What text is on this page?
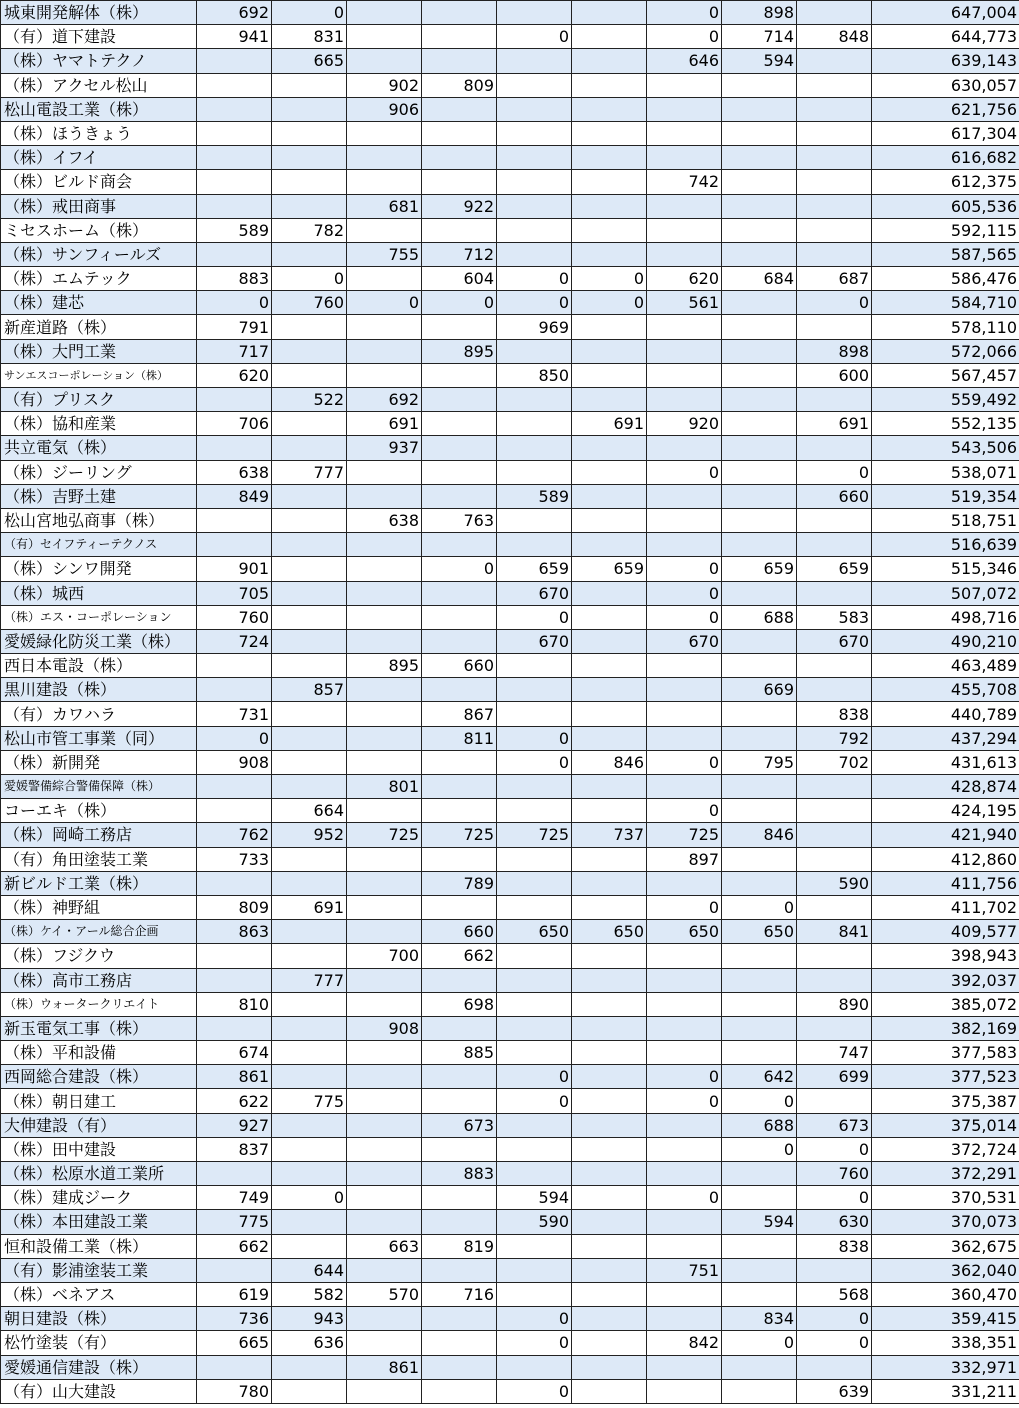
城東開発解体（株）	692	0					0	898		647,004
（有）道下建設	941	831			0		0	714	848	644,773
（株）ヤマトテクノ		665					646	594		639,143
（株）アクセル松山			902	809						630,057
松山電設工業（株）			906							621,756
（株）ほうきょう										617,304
（株）イフイ										616,682
（株）ビルド商会							742			612,375
（株）戒田商事			681	922						605,536
ミセスホーム（株）	589	782								592,115
（株）サンフィールズ			755	712						587,565
（株）エムテック	883	0		604	0	0	620	684	687	586,476
（株）建芯	0	760	0	0	0	0	561		0	584,710
新産道路（株）	791				969					578,110
（株）大門工業	717			895					898	572,066
サンエスコーポレーション（株）	620				850				600	567,457
（有）プリスク		522	692							559,492
（株）協和産業	706		691			691	920		691	552,135
共立電気（株）			937							543,506
（株）ジーリング	638	777					0		0	538,071
（株）吉野土建	849				589				660	519,354
松山宮地弘商事（株）			638	763						518,751
（有）セイフティーテクノス										516,639
（株）シンワ開発	901			0	659	659	0	659	659	515,346
（株）城西	705				670		0			507,072
（株）エス・コーポレーション	760				0		0	688	583	498,716
愛媛緑化防災工業（株）	724				670		670		670	490,210
西日本電設（株）			895	660						463,489
黒川建設（株）		857						669		455,708
（有）カワハラ	731			867					838	440,789
松山市管工事業（同）	0			811	0				792	437,294
（株）新開発	908				0	846	0	795	702	431,613
愛媛警備綜合警備保障（株）			801							428,874
コーエキ（株）		664					0			424,195
（株）岡崎工務店	762	952	725	725	725	737	725	846		421,940
（有）角田塗装工業	733						897			412,860
新ビルド工業（株）				789					590	411,756
（株）神野組	809	691					0	0		411,702
（株）ケイ・アール総合企画	863			660	650	650	650	650	841	409,577
（株）フジクウ			700	662						398,943
（株）高市工務店		777								392,037
（株）ウォータークリエイト	810			698					890	385,072
新玉電気工事（株）			908							382,169
（株）平和設備	674			885					747	377,583
西岡総合建設（株）	861				0		0	642	699	377,523
（株）朝日建工	622	775			0		0	0		375,387
大伸建設（有）	927			673				688	673	375,014
（株）田中建設	837							0	0	372,724
（株）松原水道工業所				883					760	372,291
（株）建成ジーク	749	0			594		0		0	370,531
（株）本田建設工業	775				590			594	630	370,073
恒和設備工業（株）	662		663	819					838	362,675
（有）影浦塗装工業		644					751			362,040
（株）ベネアス	619	582	570	716					568	360,470
朝日建設（株）	736	943			0			834	0	359,415
松竹塗装（有）	665	636			0		842	0	0	338,351
愛媛通信建設（株）			861							332,971
（有）山大建設	780				0				639	331,211
